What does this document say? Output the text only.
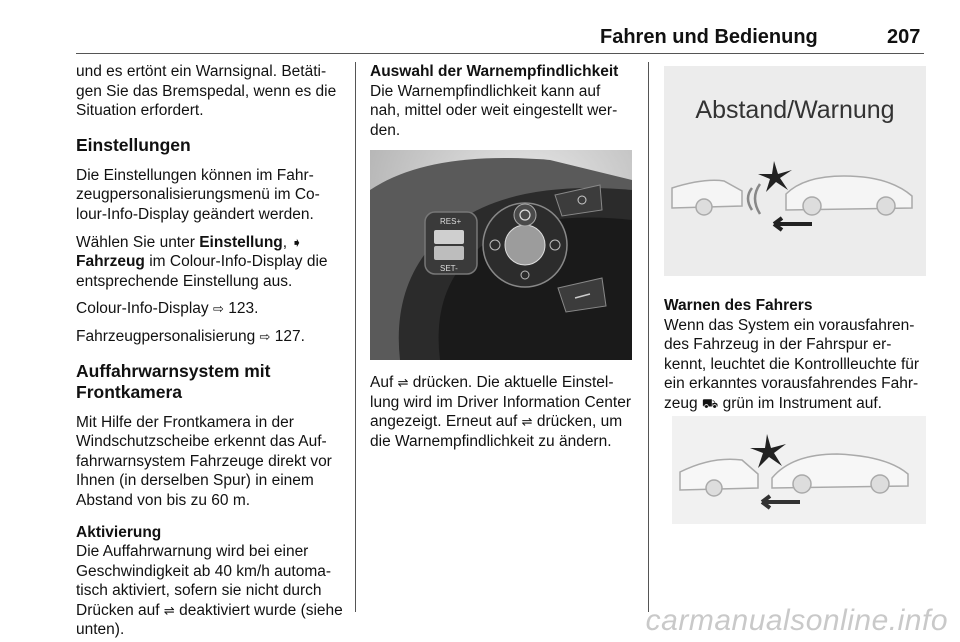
Fahren und Bedienung	207

und es ertönt ein Warnsignal. Betäti-gen Sie das Bremspedal, wenn es die Situation erfordert.

Einstellungen

Die Einstellungen können im Fahr-zeugpersonalisierungsmenü im Co-lour-Info-Display geändert werden.

Wählen Sie unter Einstellung, ➧ Fahrzeug im Colour-Info-Display die entsprechende Einstellung aus.

Colour-Info-Display ⇨ 123.

Fahrzeugpersonalisierung ⇨ 127.

Auffahrwarnsystem mit Frontkamera

Mit Hilfe der Frontkamera in der Windschutzscheibe erkennt das Auf-fahrwarnsystem Fahrzeuge direkt vor Ihnen (in derselben Spur) in einem Abstand von bis zu 60 m.

Aktivierung

Die Auffahrwarnung wird bei einer Geschwindigkeit ab 40 km/h automa-tisch aktiviert, sofern sie nicht durch Drücken auf ⇌ deaktiviert wurde (siehe unten).

Auswahl der Warnempfindlichkeit

Die Warnempfindlichkeit kann auf nah, mittel oder weit eingestellt wer-den.

RES+
SET-

Auf ⇌ drücken. Die aktuelle Einstel-lung wird im Driver Information Center angezeigt. Erneut auf ⇌ drücken, um die Warnempfindlichkeit zu ändern.

Abstand/Warnung

Warnen des Fahrers

Wenn das System ein vorausfahren-des Fahrzeug in der Fahrspur er-kennt, leuchtet die Kontrollleuchte für ein erkanntes vorausfahrendes Fahr-zeug ⛟ grün im Instrument auf.

carmanualsonline.info
